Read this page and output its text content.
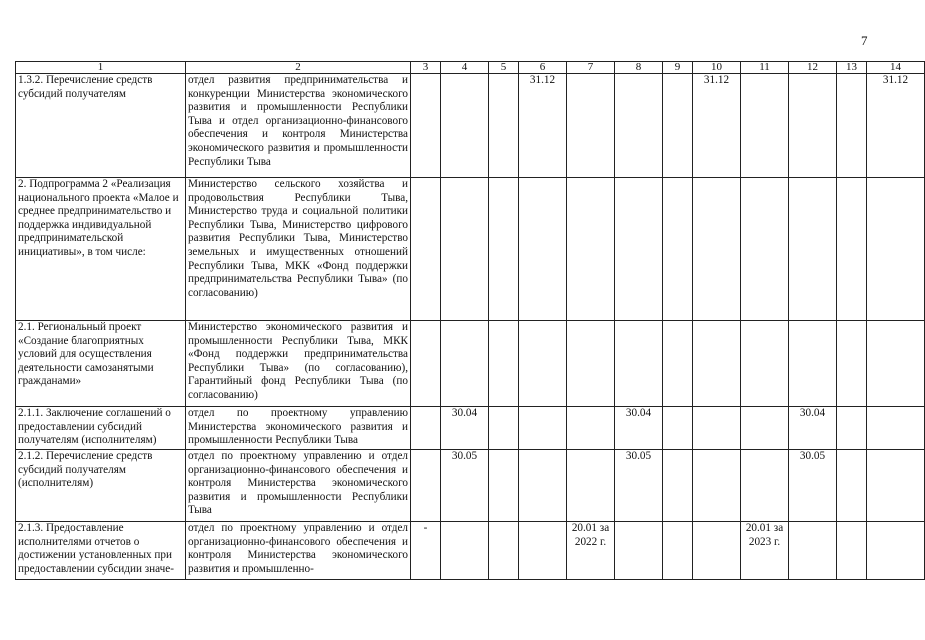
7
1	2	3	4	5	6	7	8	9	10	11	12	13	14
1.3.2. Перечисление средств субсидий получателям	отдел развития предпринимательства и конкуренции Министерства экономического развития и промышленности Республики Тыва и отдел организационно-финансового обеспечения и контроля Министерства экономического развития и промышленности Республики Тыва				31.12				31.12				31.12
2. Подпрограмма 2 «Реализация национального проекта «Малое и среднее предпринимательство и поддержка индивидуальной предпринимательской инициативы», в том числе:	Министерство сельского хозяйства и продовольствия Республики Тыва, Министерство труда и социальной политики Республики Тыва, Министерство цифрового развития Республики Тыва, Министерство земельных и имущественных отношений Республики Тыва, МКК «Фонд поддержки предпринимательства Республики Тыва» (по согласованию)												
2.1. Региональный проект «Создание благоприятных условий для осуществления деятельности самозанятыми гражданами»	Министерство экономического развития и промышленности Республики Тыва, МКК «Фонд поддержки предпринимательства Республики Тыва» (по согласованию), Гарантийный фонд Республики Тыва (по согласованию)												
2.1.1. Заключение соглашений о предоставлении субсидий получателям (исполнителям)	отдел по проектному управлению Министерства экономического развития и промышленности Республики Тыва		30.04				30.04				30.04		
2.1.2. Перечисление средств субсидий получателям (исполнителям)	отдел по проектному управлению и отдел организационно-финансового обеспечения и контроля Министерства экономического развития и промышленности Республики Тыва		30.05				30.05				30.05		
2.1.3. Предоставление исполнителями отчетов о достижении установленных при предоставлении субсидии значе-	отдел по проектному управлению и отдел организационно-финансового обеспечения и контроля Министерства экономического развития и промышленно-	-				20.01 за 2022 г.				20.01 за 2023 г.			
